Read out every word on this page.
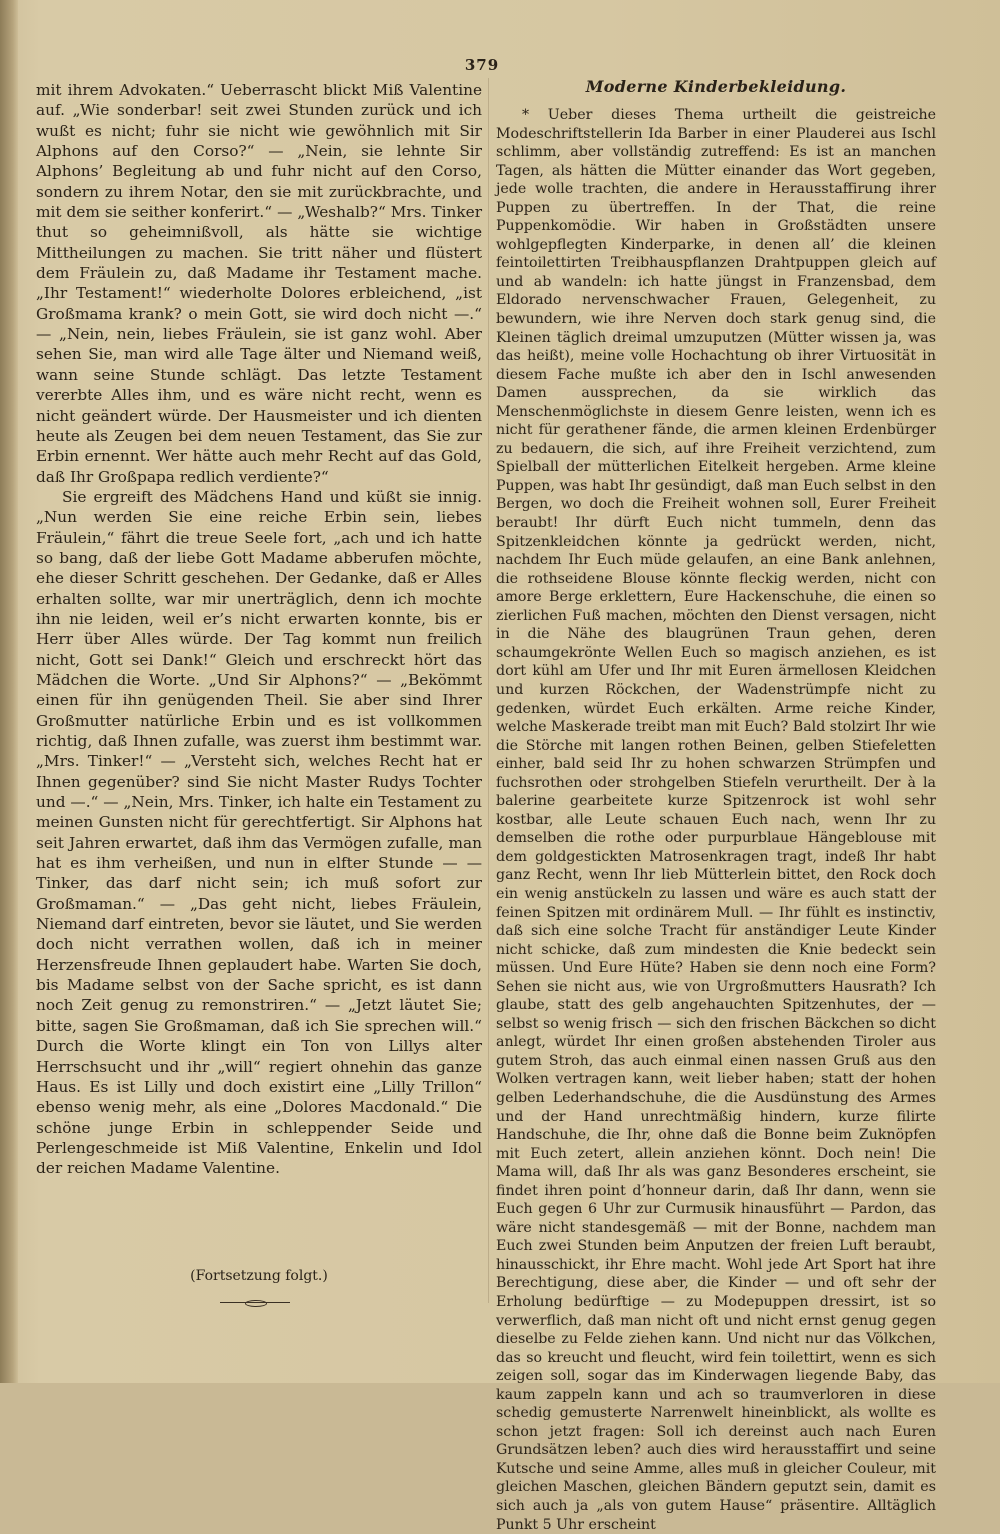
379

mit ihrem Advokaten.“ Ueberrascht blickt Miß Valentine auf. „Wie sonderbar! seit zwei Stunden zurück und ich wußt es nicht; fuhr sie nicht wie gewöhnlich mit Sir Alphons auf den Corso?“ — „Nein, sie lehnte Sir Alphons’ Begleitung ab und fuhr nicht auf den Corso, sondern zu ihrem Notar, den sie mit zurückbrachte, und mit dem sie seither konferirt.“ — „Weshalb?“ Mrs. Tinker thut so geheimnißvoll, als hätte sie wichtige Mittheilungen zu machen. Sie tritt näher und flüstert dem Fräulein zu, daß Madame ihr Testament mache. „Ihr Testament!“ wiederholte Dolores erbleichend, „ist Großmama krank? o mein Gott, sie wird doch nicht —.“ — „Nein, nein, liebes Fräulein, sie ist ganz wohl. Aber sehen Sie, man wird alle Tage älter und Niemand weiß, wann seine Stunde schlägt. Das letzte Testament vererbte Alles ihm, und es wäre nicht recht, wenn es nicht geändert würde. Der Hausmeister und ich dienten heute als Zeugen bei dem neuen Testament, das Sie zur Erbin ernennt. Wer hätte auch mehr Recht auf das Gold, daß Ihr Großpapa redlich verdiente?“

Sie ergreift des Mädchens Hand und küßt sie innig. „Nun werden Sie eine reiche Erbin sein, liebes Fräulein,“ fährt die treue Seele fort, „ach und ich hatte so bang, daß der liebe Gott Madame abberufen möchte, ehe dieser Schritt geschehen. Der Gedanke, daß er Alles erhalten sollte, war mir unerträglich, denn ich mochte ihn nie leiden, weil er’s nicht erwarten konnte, bis er Herr über Alles würde. Der Tag kommt nun freilich nicht, Gott sei Dank!“ Gleich und erschreckt hört das Mädchen die Worte. „Und Sir Alphons?“ — „Bekömmt einen für ihn genügenden Theil. Sie aber sind Ihrer Großmutter natürliche Erbin und es ist vollkommen richtig, daß Ihnen zufalle, was zuerst ihm bestimmt war. „Mrs. Tinker!“ — „Versteht sich, welches Recht hat er Ihnen gegenüber? sind Sie nicht Master Rudys Tochter und —.“ — „Nein, Mrs. Tinker, ich halte ein Testament zu meinen Gunsten nicht für gerechtfertigt. Sir Alphons hat seit Jahren erwartet, daß ihm das Vermögen zufalle, man hat es ihm verheißen, und nun in elfter Stunde — — Tinker, das darf nicht sein; ich muß sofort zur Großmaman.“ — „Das geht nicht, liebes Fräulein, Niemand darf eintreten, bevor sie läutet, und Sie werden doch nicht verrathen wollen, daß ich in meiner Herzensfreude Ihnen geplaudert habe. Warten Sie doch, bis Madame selbst von der Sache spricht, es ist dann noch Zeit genug zu remonstriren.“ — „Jetzt läutet Sie; bitte, sagen Sie Großmaman, daß ich Sie sprechen will.“ Durch die Worte klingt ein Ton von Lillys alter Herrschsucht und ihr „will“ regiert ohnehin das ganze Haus. Es ist Lilly und doch existirt eine „Lilly Trillon“ ebenso wenig mehr, als eine „Dolores Macdonald.“ Die schöne junge Erbin in schleppender Seide und Perlengeschmeide ist Miß Valentine, Enkelin und Idol der reichen Madame Valentine.

(Fortsetzung folgt.)
Moderne Kinderbekleidung.

* Ueber dieses Thema urtheilt die geistreiche Modeschriftstellerin Ida Barber in einer Plauderei aus Ischl schlimm, aber vollständig zutreffend: Es ist an manchen Tagen, als hätten die Mütter einander das Wort gegeben, jede wolle trachten, die andere in Herausstaffirung ihrer Puppen zu übertreffen. In der That, die reine Puppenkomödie. Wir haben in Großstädten unsere wohlgepflegten Kinderparke, in denen all’ die kleinen feintoilettirten Treibhauspflanzen Drahtpuppen gleich auf und ab wandeln: ich hatte jüngst in Franzensbad, dem Eldorado nervenschwacher Frauen, Gelegenheit, zu bewundern, wie ihre Nerven doch stark genug sind, die Kleinen täglich dreimal umzuputzen (Mütter wissen ja, was das heißt), meine volle Hochachtung ob ihrer Virtuosität in diesem Fache mußte ich aber den in Ischl anwesenden Damen aussprechen, da sie wirklich das Menschenmöglichste in diesem Genre leisten, wenn ich es nicht für gerathener fände, die armen kleinen Erdenbürger zu bedauern, die sich, auf ihre Freiheit verzichtend, zum Spielball der mütterlichen Eitelkeit hergeben. Arme kleine Puppen, was habt Ihr gesündigt, daß man Euch selbst in den Bergen, wo doch die Freiheit wohnen soll, Eurer Freiheit beraubt! Ihr dürft Euch nicht tummeln, denn das Spitzenkleidchen könnte ja gedrückt werden, nicht, nachdem Ihr Euch müde gelaufen, an eine Bank anlehnen, die rothseidene Blouse könnte fleckig werden, nicht con amore Berge erklettern, Eure Hackenschuhe, die einen so zierlichen Fuß machen, möchten den Dienst versagen, nicht in die Nähe des blaugrünen Traun gehen, deren schaumgekrönte Wellen Euch so magisch anziehen, es ist dort kühl am Ufer und Ihr mit Euren ärmellosen Kleidchen und kurzen Röckchen, der Wadenstrümpfe nicht zu gedenken, würdet Euch erkälten. Arme reiche Kinder, welche Maskerade treibt man mit Euch? Bald stolzirt Ihr wie die Störche mit langen rothen Beinen, gelben Stiefeletten einher, bald seid Ihr zu hohen schwarzen Strümpfen und fuchsrothen oder strohgelben Stiefeln verurtheilt. Der à la balerine gearbeitete kurze Spitzenrock ist wohl sehr kostbar, alle Leute schauen Euch nach, wenn Ihr zu demselben die rothe oder purpurblaue Hängeblouse mit dem goldgestickten Matrosenkragen tragt, indeß Ihr habt ganz Recht, wenn Ihr lieb Mütterlein bittet, den Rock doch ein wenig anstückeln zu lassen und wäre es auch statt der feinen Spitzen mit ordinärem Mull. — Ihr fühlt es instinctiv, daß sich eine solche Tracht für anständiger Leute Kinder nicht schicke, daß zum mindesten die Knie bedeckt sein müssen. Und Eure Hüte? Haben sie denn noch eine Form? Sehen sie nicht aus, wie von Urgroßmutters Hausrath? Ich glaube, statt des gelb angehauchten Spitzenhutes, der — selbst so wenig frisch — sich den frischen Bäckchen so dicht anlegt, würdet Ihr einen großen abstehenden Tiroler aus gutem Stroh, das auch einmal einen nassen Gruß aus den Wolken vertragen kann, weit lieber haben; statt der hohen gelben Lederhandschuhe, die die Ausdünstung des Armes und der Hand unrechtmäßig hindern, kurze filirte Handschuhe, die Ihr, ohne daß die Bonne beim Zuknöpfen mit Euch zetert, allein anziehen könnt. Doch nein! Die Mama will, daß Ihr als was ganz Besonderes erscheint, sie findet ihren point d’honneur darin, daß Ihr dann, wenn sie Euch gegen 6 Uhr zur Curmusik hinausführt — Pardon, das wäre nicht standesgemäß — mit der Bonne, nachdem man Euch zwei Stunden beim Anputzen der freien Luft beraubt, hinausschickt, ihr Ehre macht. Wohl jede Art Sport hat ihre Berechtigung, diese aber, die Kinder — und oft sehr der Erholung bedürftige — zu Modepuppen dressirt, ist so verwerflich, daß man nicht oft und nicht ernst genug gegen dieselbe zu Felde ziehen kann. Und nicht nur das Völkchen, das so kreucht und fleucht, wird fein toilettirt, wenn es sich zeigen soll, sogar das im Kinderwagen liegende Baby, das kaum zappeln kann und ach so traumverloren in diese schedig gemusterte Narrenwelt hineinblickt, als wollte es schon jetzt fragen: Soll ich dereinst auch nach Euren Grundsätzen leben? auch dies wird herausstaffirt und seine Kutsche und seine Amme, alles muß in gleicher Couleur, mit gleichen Maschen, gleichen Bändern geputzt sein, damit es sich auch ja „als von gutem Hause“ präsentire. Alltäglich Punkt 5 Uhr erscheint
